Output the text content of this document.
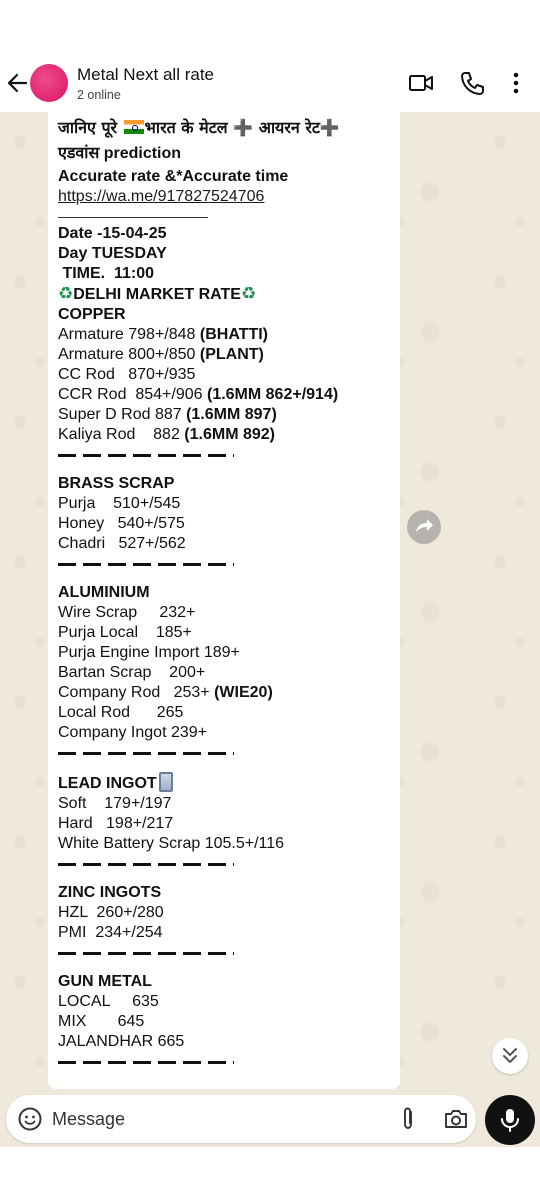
Metal Next all rate
2 online
जानिए पूरे भारत के मेटल ➕ आयरन रेट➕
एडवांस prediction
Accurate rate &*Accurate time
https://wa.me/917827524706
Date -15-04-25
Day TUESDAY
TIME.  11:00
♻DELHI MARKET RATE♻
COPPER
Armature 798+/848 (BHATTI)
Armature 800+/850 (PLANT)
CC Rod   870+/935
CCR Rod  854+/906 (1.6MM 862+/914)
Super D Rod 887 (1.6MM 897)
Kaliya Rod    882 (1.6MM 892)
BRASS SCRAP
Purja    510+/545
Honey   540+/575
Chadri   527+/562
ALUMINIUM
Wire Scrap     232+
Purja Local    185+
Purja Engine Import 189+
Bartan Scrap    200+
Company Rod   253+ (WIE20)
Local Rod      265
Company Ingot 239+
LEAD INGOT
Soft    179+/197
Hard   198+/217
White Battery Scrap 105.5+/116
ZINC INGOTS
HZL  260+/280
PMI  234+/254
GUN METAL
LOCAL     635
MIX       645
JALANDHAR 665
Message
